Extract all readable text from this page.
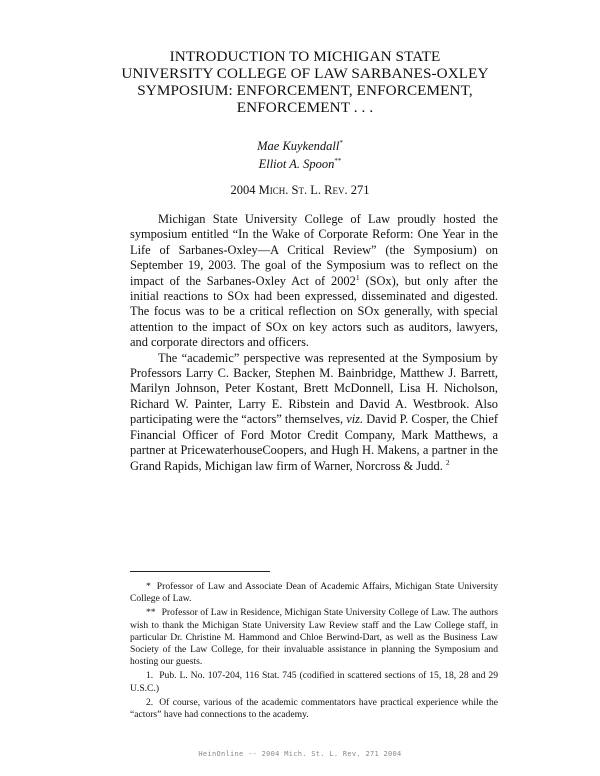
INTRODUCTION TO MICHIGAN STATE
UNIVERSITY COLLEGE OF LAW SARBANES-OXLEY
SYMPOSIUM: ENFORCEMENT, ENFORCEMENT,
ENFORCEMENT . . .
Mae Kuykendall*
Elliot A. Spoon**
2004 Mich. St. L. Rev. 271

Michigan State University College of Law proudly hosted the symposium entitled “In the Wake of Corporate Reform: One Year in the Life of Sarbanes-Oxley—A Critical Review” (the Symposium) on September 19, 2003. The goal of the Symposium was to reflect on the impact of the Sarbanes-Oxley Act of 2002$^1$ (SOx), but only after the initial reactions to SOx had been expressed, disseminated and digested. The focus was to be a critical reflection on SOx generally, with special attention to the impact of SOx on key actors such as auditors, lawyers, and corporate directors and officers.

The “academic” perspective was represented at the Symposium by Professors Larry C. Backer, Stephen M. Bainbridge, Matthew J. Barrett, Marilyn Johnson, Peter Kostant, Brett McDonnell, Lisa H. Nicholson, Richard W. Painter, Larry E. Ribstein and David A. Westbrook. Also participating were the “actors” themselves, viz. David P. Cosper, the Chief Financial Officer of Ford Motor Credit Company, Mark Matthews, a partner at PricewaterhouseCoopers, and Hugh H. Makens, a partner in the Grand Rapids, Michigan law firm of Warner, Norcross & Judd. $^2$

* Professor of Law and Associate Dean of Academic Affairs, Michigan State University College of Law.

** Professor of Law in Residence, Michigan State University College of Law. The authors wish to thank the Michigan State University Law Review staff and the Law College staff, in particular Dr. Christine M. Hammond and Chloe Berwind-Dart, as well as the Business Law Society of the Law College, for their invaluable assistance in planning the Symposium and hosting our guests.

1. Pub. L. No. 107-204, 116 Stat. 745 (codified in scattered sections of 15, 18, 28 and 29 U.S.C.)

2. Of course, various of the academic commentators have practical experience while the “actors” have had connections to the academy.

HeinOnline -- 2004 Mich. St. L. Rev. 271 2004
